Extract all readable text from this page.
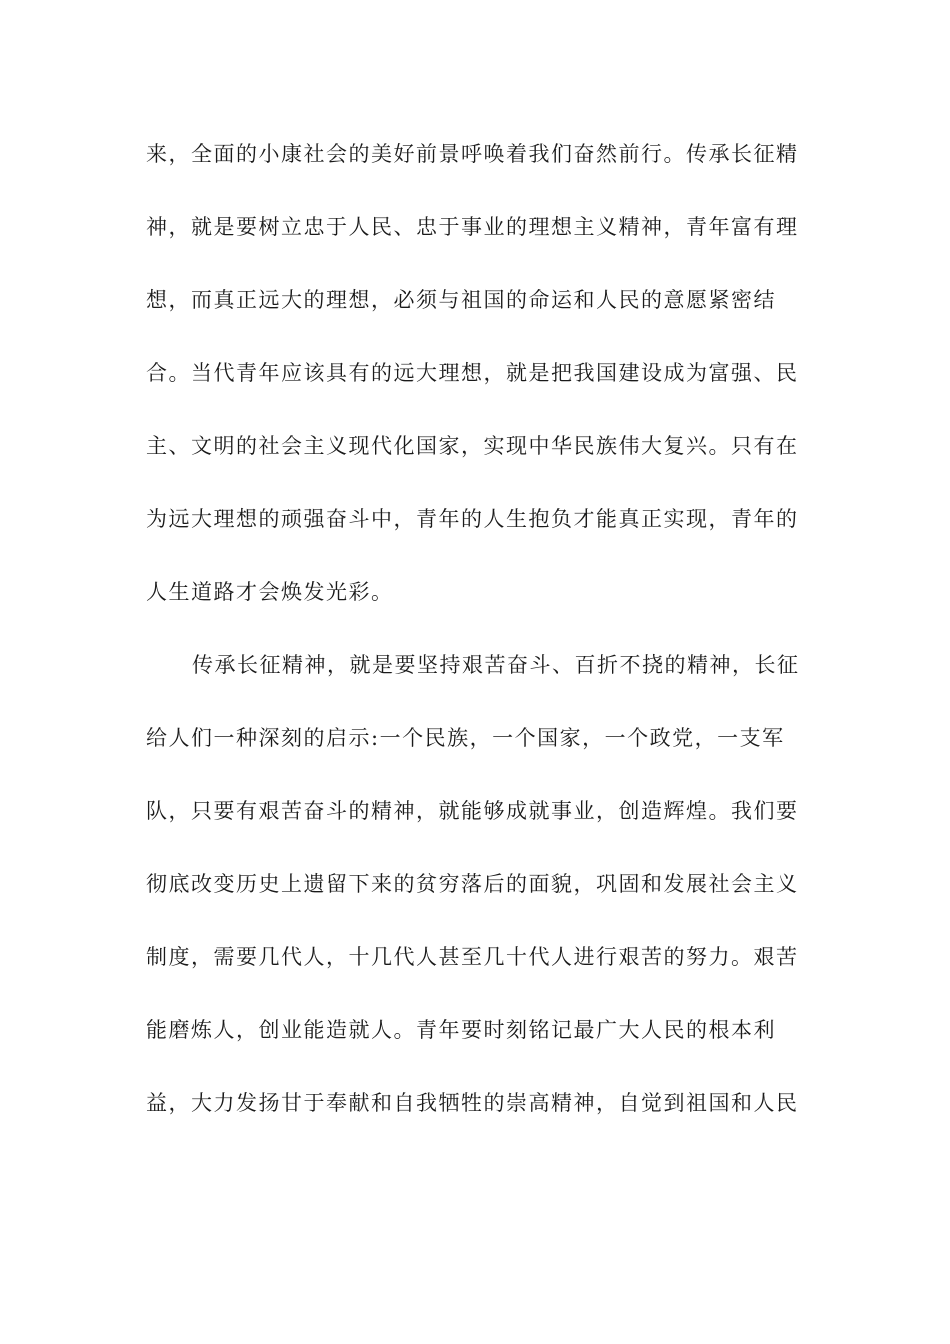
来，全面的小康社会的美好前景呼唤着我们奋然前行。传承长征精
神，就是要树立忠于人民、忠于事业的理想主义精神，青年富有理
想，而真正远大的理想，必须与祖国的命运和人民的意愿紧密结
合。当代青年应该具有的远大理想，就是把我国建设成为富强、民
主、文明的社会主义现代化国家，实现中华民族伟大复兴。只有在
为远大理想的顽强奋斗中，青年的人生抱负才能真正实现，青年的
人生道路才会焕发光彩。
传承长征精神，就是要坚持艰苦奋斗、百折不挠的精神，长征
给人们一种深刻的启示:一个民族，一个国家，一个政党，一支军
队，只要有艰苦奋斗的精神，就能够成就事业，创造辉煌。我们要
彻底改变历史上遗留下来的贫穷落后的面貌，巩固和发展社会主义
制度，需要几代人，十几代人甚至几十代人进行艰苦的努力。艰苦
能磨炼人，创业能造就人。青年要时刻铭记最广大人民的根本利
益，大力发扬甘于奉献和自我牺牲的崇高精神，自觉到祖国和人民
